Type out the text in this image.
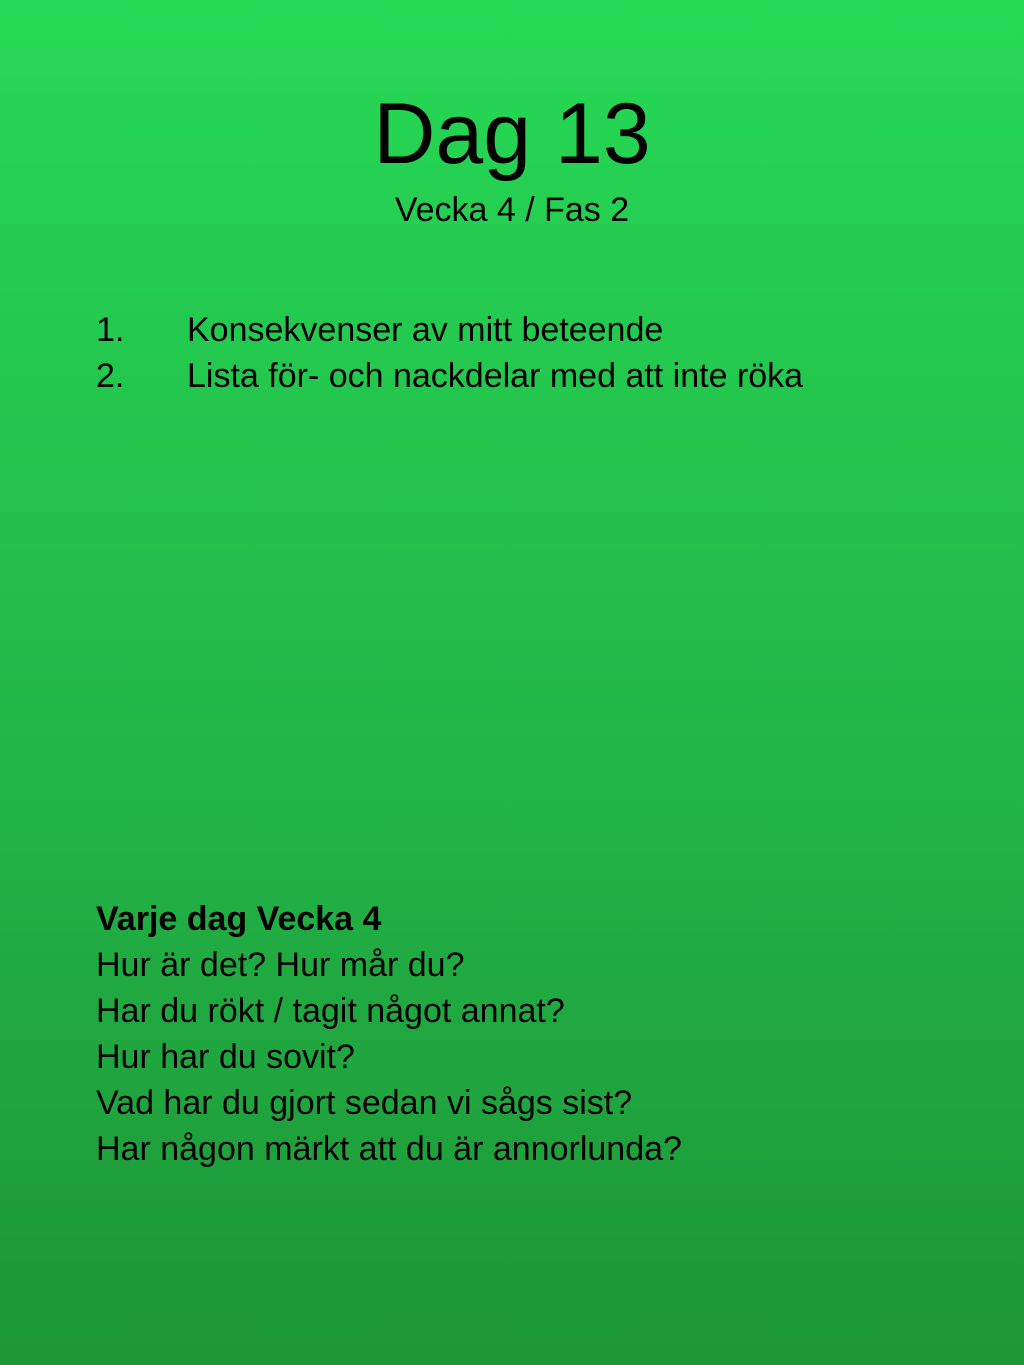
Dag 13
Vecka 4 / Fas 2
1.	Konsekvenser av mitt beteende
2.	Lista för- och nackdelar med att inte röka
Varje dag Vecka 4
Hur är det? Hur mår du?
Har du rökt / tagit något annat?
Hur har du sovit?
Vad har du gjort sedan vi sågs sist?
Har någon märkt att du är annorlunda?
